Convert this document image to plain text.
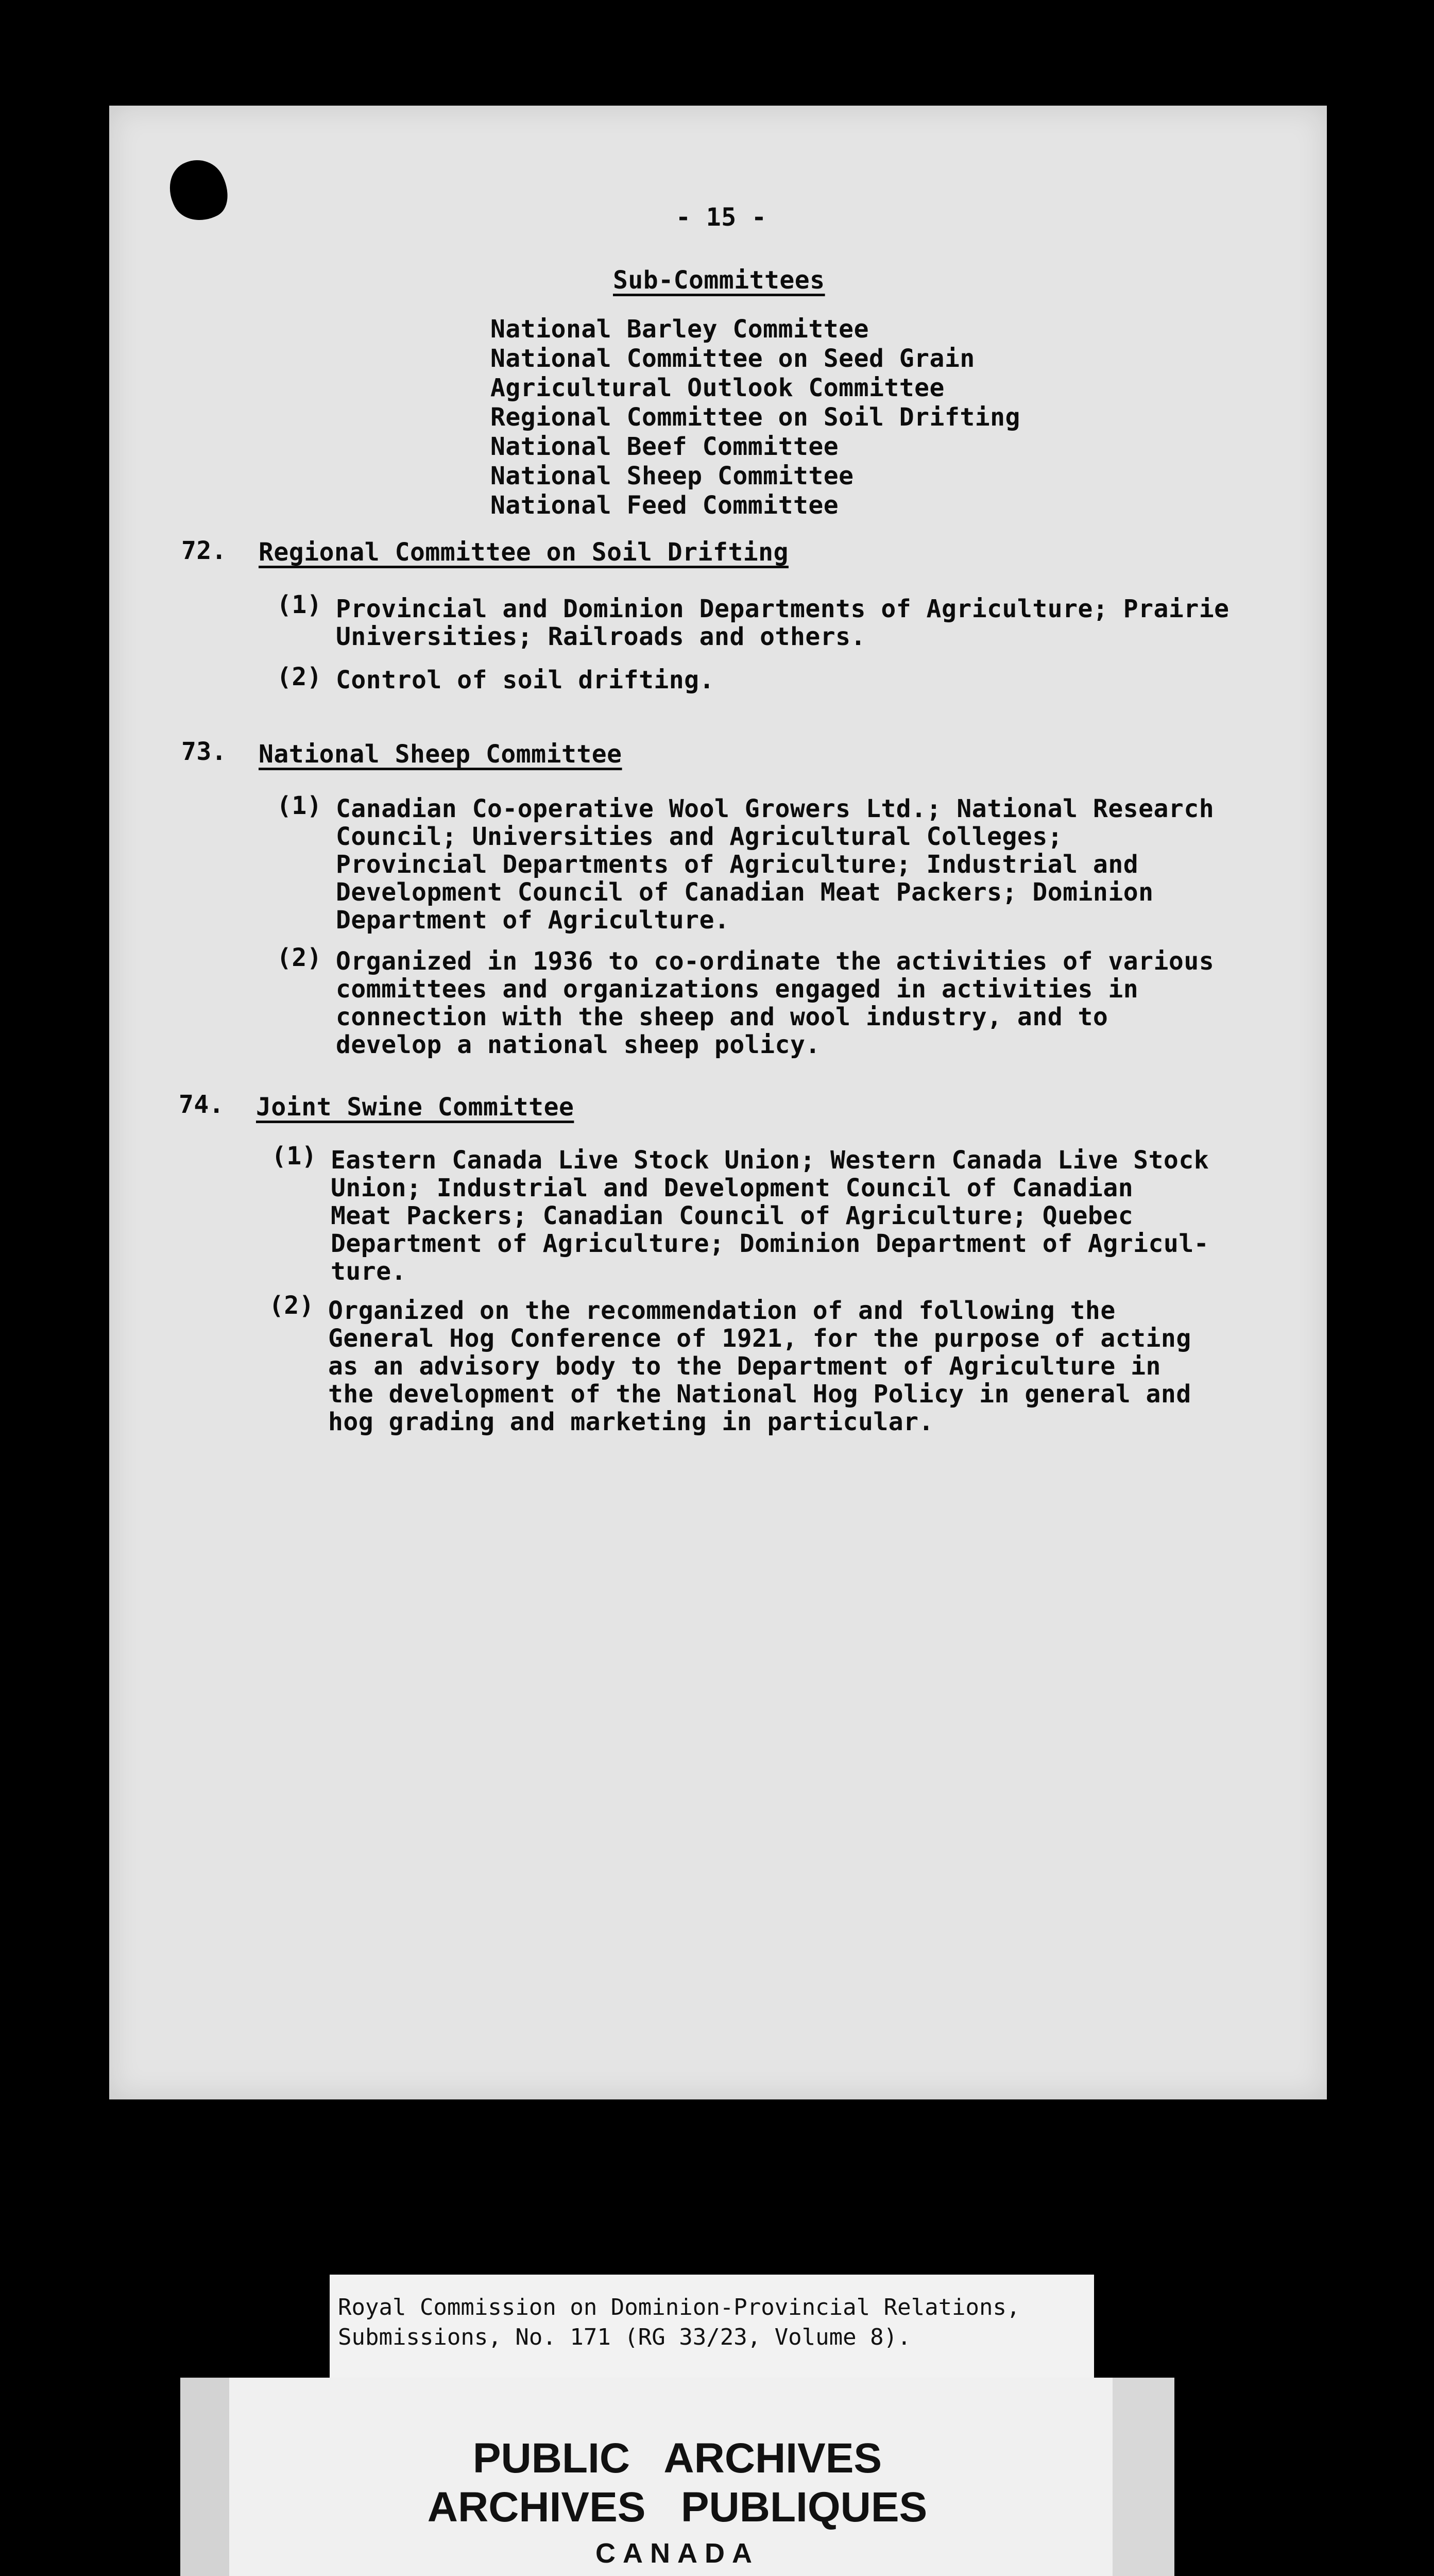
- 15 -
Sub-Committees
National Barley Committee
National Committee on Seed Grain
Agricultural Outlook Committee
Regional Committee on Soil Drifting
National Beef Committee
National Sheep Committee
National Feed Committee
72. Regional Committee on Soil Drifting
(1) Provincial and Dominion Departments of Agriculture; Prairie
Universities; Railroads and others.
(2) Control of soil drifting.
73. National Sheep Committee
(1) Canadian Co-operative Wool Growers Ltd.; National Research
Council; Universities and Agricultural Colleges;
Provincial Departments of Agriculture; Industrial and
Development Council of Canadian Meat Packers; Dominion
Department of Agriculture.
(2) Organized in 1936 to co-ordinate the activities of various
committees and organizations engaged in activities in
connection with the sheep and wool industry, and to
develop a national sheep policy.
74. Joint Swine Committee
(1) Eastern Canada Live Stock Union; Western Canada Live Stock
Union; Industrial and Development Council of Canadian
Meat Packers; Canadian Council of Agriculture; Quebec
Department of Agriculture; Dominion Department of Agricul-
ture.
(2) Organized on the recommendation of and following the
General Hog Conference of 1921, for the purpose of acting
as an advisory body to the Department of Agriculture in
the development of the National Hog Policy in general and
hog grading and marketing in particular.
Royal Commission on Dominion-Provincial Relations,
Submissions, No. 171 (RG 33/23, Volume 8).
PUBLIC   ARCHIVES
ARCHIVES   PUBLIQUES
CANADA
